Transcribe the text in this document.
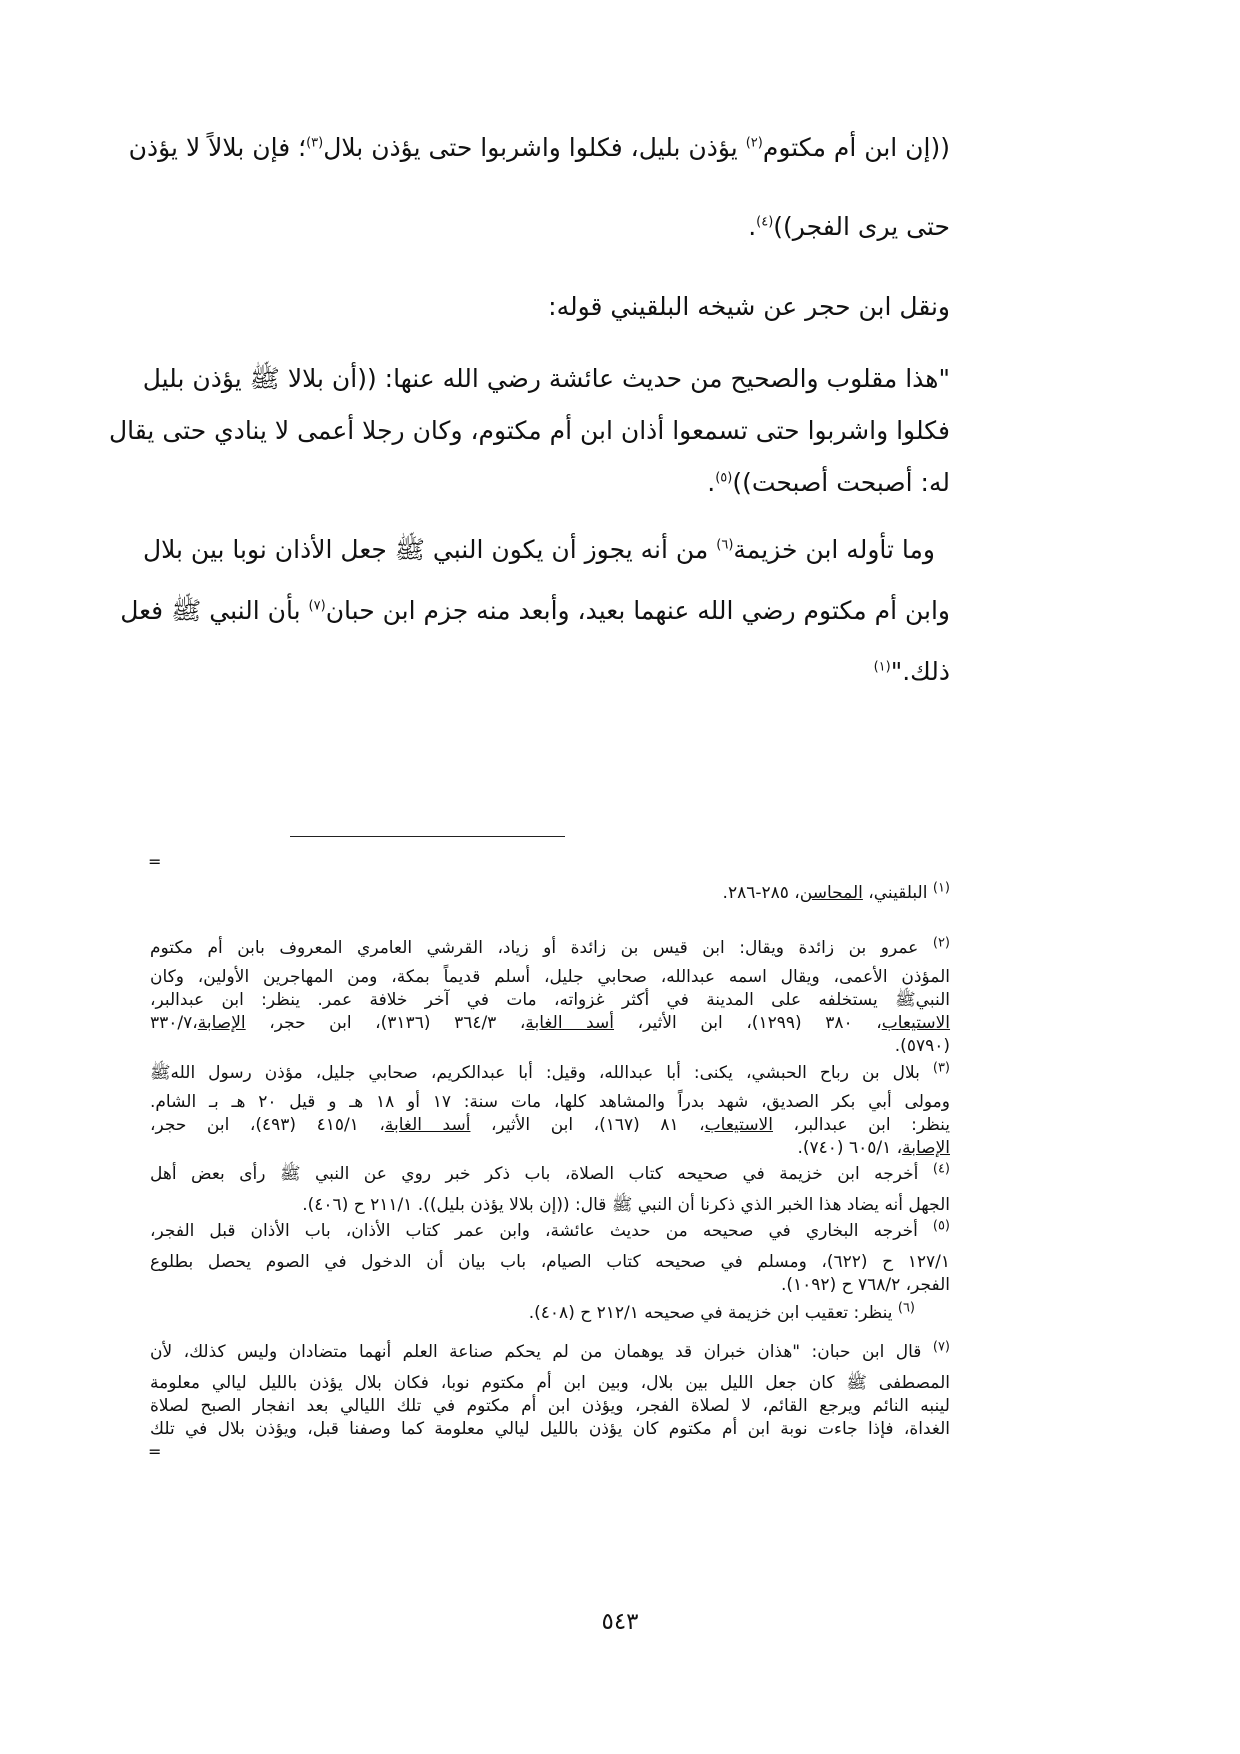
((إن ابن أم مكتوم$^{(٢)}$ يؤذن بليل، فكلوا واشربوا حتى يؤذن بلال$^{(٣)}$؛ فإن بلالاً لا يؤذن
حتى يرى الفجر))$^{(٤)}$.
ونقل ابن حجر عن شيخه البلقيني قوله:
"هذا مقلوب والصحيح من حديث عائشة رضي الله عنها: ((أن بلالا ﷺ يؤذن بليل
فكلوا واشربوا حتى تسمعوا أذان ابن أم مكتوم، وكان رجلا أعمى لا ينادي حتى يقال
له: أصبحت أصبحت))$^{(٥)}$.
وما تأوله ابن خزيمة$^{(٦)}$ من أنه يجوز أن يكون النبي ﷺ جعل الأذان نوبا بين بلال
وابن أم مكتوم رضي الله عنهما بعيد، وأبعد منه جزم ابن حبان$^{(٧)}$ بأن النبي ﷺ فعل
ذلك."$^{(١)}$
=
$^{(١)}$ البلقيني، المحاسن، ٢٨٥-٢٨٦.
$^{(٢)}$ عمرو بن زائدة ويقال: ابن قيس بن زائدة أو زياد، القرشي العامري المعروف بابن أم مكتوم
المؤذن الأعمى، ويقال اسمه عبدالله، صحابي جليل، أسلم قديماً بمكة، ومن المهاجرين الأولين، وكان
النبيﷺ يستخلفه على المدينة في أكثر غزواته، مات في آخر خلافة عمر. ينظر: ابن عبدالبر،
الاستيعاب، ٣٨٠ (١٢٩٩)، ابن الأثير، أسد الغابة، ٣٦٤/٣ (٣١٣٦)، ابن حجر، الإصابة،٣٣٠/٧
(٥٧٩٠).
$^{(٣)}$ بلال بن رباح الحبشي، يكنى: أبا عبدالله، وقيل: أبا عبدالكريم، صحابي جليل، مؤذن رسول اللهﷺ
ومولى أبي بكر الصديق، شهد بدراً والمشاهد كلها، مات سنة: ١٧ أو ١٨ هـ و قيل ٢٠ هـ بـ الشام.
ينظر: ابن عبدالبر، الاستيعاب، ٨١ (١٦٧)، ابن الأثير، أسد الغابة، ٤١٥/١ (٤٩٣)، ابن حجر،
الإصابة، ٦٠٥/١ (٧٤٠).
$^{(٤)}$ أخرجه ابن خزيمة في صحيحه كتاب الصلاة، باب ذكر خبر روي عن النبي ﷺ رأى بعض أهل
الجهل أنه يضاد هذا الخبر الذي ذكرنا أن النبي ﷺ قال: ((إن بلالا يؤذن بليل)). ٢١١/١ ح (٤٠٦).
$^{(٥)}$ أخرجه البخاري في صحيحه من حديث عائشة، وابن عمر كتاب الأذان، باب الأذان قبل الفجر،
١٢٧/١ ح (٦٢٢)، ومسلم في صحيحه كتاب الصيام، باب بيان أن الدخول في الصوم يحصل بطلوع
الفجر، ٧٦٨/٢ ح (١٠٩٢).
$^{(٦)}$ ينظر: تعقيب ابن خزيمة في صحيحه ٢١٢/١ ح (٤٠٨).
$^{(٧)}$ قال ابن حبان: "هذان خبران قد يوهمان من لم يحكم صناعة العلم أنهما متضادان وليس كذلك، لأن
المصطفى ﷺ كان جعل الليل بين بلال، وبين ابن أم مكتوم نوبا، فكان بلال يؤذن بالليل ليالي معلومة
لينبه النائم ويرجع القائم، لا لصلاة الفجر، ويؤذن ابن أم مكتوم في تلك الليالي بعد انفجار الصبح لصلاة
الغداة، فإذا جاءت نوبة ابن أم مكتوم كان يؤذن بالليل ليالي معلومة كما وصفنا قبل، ويؤذن بلال في تلك
=
٥٤٣
